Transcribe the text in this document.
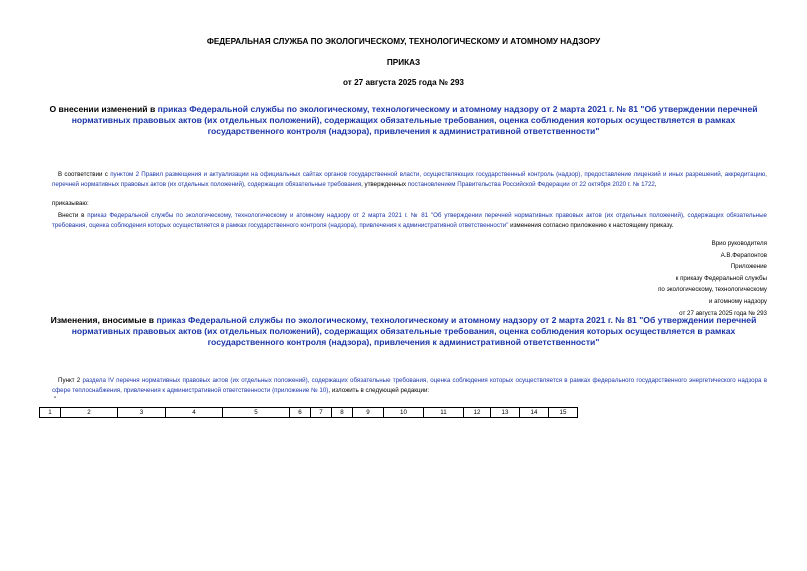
ФЕДЕРАЛЬНАЯ СЛУЖБА ПО ЭКОЛОГИЧЕСКОМУ, ТЕХНОЛОГИЧЕСКОМУ И АТОМНОМУ НАДЗОРУ
ПРИКАЗ
от 27 августа 2025 года № 293
О внесении изменений в приказ Федеральной службы по экологическому, технологическому и атомному надзору от 2 марта 2021 г. № 81 "Об утверждении перечней нормативных правовых актов (их отдельных положений), содержащих обязательные требования, оценка соблюдения которых осуществляется в рамках государственного контроля (надзора), привлечения к административной ответственности"
В соответствии с пунктом 2 Правил размещения и актуализации на официальных сайтах органов государственной власти, осуществляющих государственный контроль (надзор), предоставление лицензий и иных разрешений, аккредитацию, перечней нормативных правовых актов (их отдельных положений), содержащих обязательные требования, утвержденных постановлением Правительства Российской Федерации от 22 октября 2020 г. № 1722,
приказываю:
Внести в приказ Федеральной службы по экологическому, технологическому и атомному надзору от 2 марта 2021 г. № 81 "Об утверждении перечней нормативных правовых актов (их отдельных положений), содержащих обязательные требования, оценка соблюдения которых осуществляется в рамках государственного контроля (надзора), привлечения к административной ответственности" изменения согласно приложению к настоящему приказу.
Врио руководителя
А.В.Ферапонтов
Приложение
к приказу Федеральной службы
по экологическому, технологическому
и атомному надзору
от 27 августа 2025 года № 293
Изменения, вносимые в приказ Федеральной службы по экологическому, технологическому и атомному надзору от 2 марта 2021 г. № 81 "Об утверждении перечней нормативных правовых актов (их отдельных положений), содержащих обязательные требования, оценка соблюдения которых осуществляется в рамках государственного контроля (надзора), привлечения к административной ответственности"
Пункт 2 раздела IV перечня нормативных правовых актов (их отдельных положений), содержащих обязательные требования, оценка соблюдения которых осуществляется в рамках федерального государственного энергетического надзора в сфере теплоснабжения, привлечения к административной ответственности (приложение № 10), изложить в следующей редакции:
"
1	2	3	4	5	6	7	8	9	10	11	12	13	14	15
